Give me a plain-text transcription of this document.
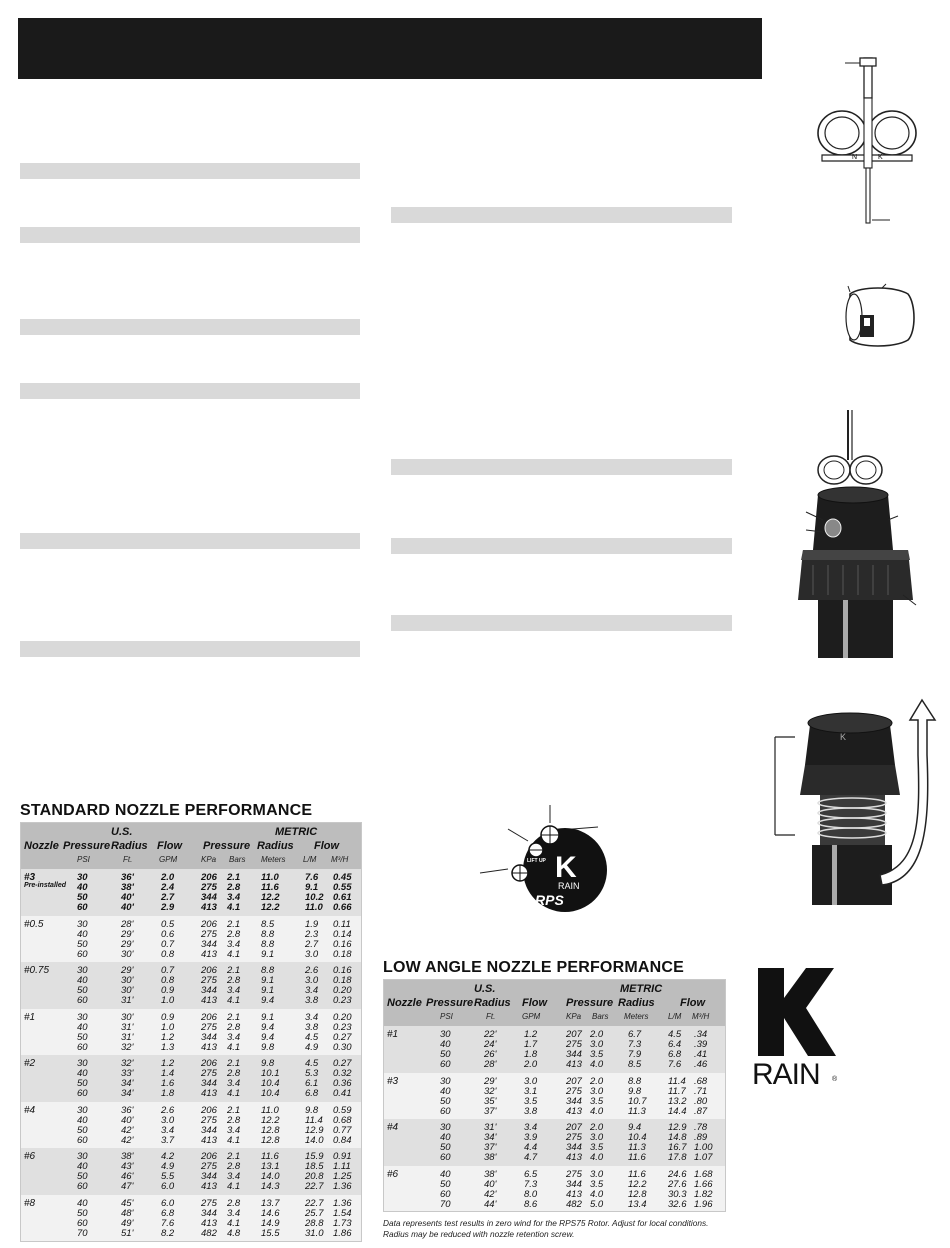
N	K
K
LIFT UP K
RAIN
RPS
RAIN ®
STANDARD NOZZLE PERFORMANCE
U.S.	METRIC
Nozzle Pressure Radius Flow Pressure Radius Flow
PSI	Ft.	GPM	KPa Bars Meters L/M M³/H
#3
Pre-installed
30	36'	2.0	206 2.1 11.0	7.6 0.45
40	38'	2.4	275 2.8 11.6	9.1 0.55
50	40'	2.7	344 3.4 12.2	10.2 0.61
60	40'	2.9	413 4.1 12.2	11.0 0.66
#0.5	30	28'	0.5	206 2.1 8.5	1.9 0.11
40	29'	0.6	275 2.8 8.8	2.3 0.14
50	29'	0.7	344 3.4 8.8	2.7 0.16
60	30'	0.8	413 4.1 9.1	3.0 0.18
#0.75	30	29'	0.7	206 2.1 8.8	2.6 0.16
40	30'	0.8	275 2.8 9.1	3.0 0.18
50	30'	0.9	344 3.4 9.1	3.4 0.20
60	31'	1.0	413 4.1 9.4	3.8 0.23
#1	30	30'	0.9	206 2.1 9.1	3.4 0.20
40	31'	1.0	275 2.8 9.4	3.8 0.23
50	31'	1.2	344 3.4 9.4	4.5 0.27
60	32'	1.3	413 4.1 9.8	4.9 0.30
#2	30	32'	1.2	206 2.1 9.8	4.5 0.27
40	33'	1.4	275 2.8 10.1	5.3 0.32
50	34'	1.6	344 3.4 10.4	6.1 0.36
60	34'	1.8	413 4.1 10.4	6.8 0.41
#4	30	36'	2.6	206 2.1 11.0	9.8 0.59
40	40'	3.0	275 2.8 12.2	11.4 0.68
50	42'	3.4	344 3.4 12.8	12.9 0.77
60	42'	3.7	413 4.1 12.8	14.0 0.84
#6	30	38'	4.2	206 2.1 11.6	15.9 0.91
40	43'	4.9	275 2.8 13.1	18.5 1.11
50	46'	5.5	344 3.4 14.0	20.8 1.25
60	47'	6.0	413 4.1 14.3	22.7 1.36
#8	40	45'	6.0	275 2.8 13.7	22.7 1.36
50	48'	6.8	344 3.4 14.6	25.7 1.54
60	49'	7.6	413 4.1 14.9	28.8 1.73
70	51'	8.2	482 4.8 15.5	31.0 1.86
LOW ANGLE NOZZLE PERFORMANCE
U.S.	METRIC
Nozzle Pressure Radius Flow Pressure Radius Flow
PSI	Ft.	GPM	KPa Bars Meters L/M M³/H
#1	30	22'	1.2	207 2.0	6.7	4.5 .34
40	24'	1.7	275 3.0	7.3	6.4 .39
50	26'	1.8	344 3.5	7.9	6.8 .41
60	28'	2.0	413 4.0	8.5	7.6 .46
#3	30	29'	3.0	207 2.0	8.8	11.4 .68
40	32'	3.1	275 3.0	9.8	11.7 .71
50	35'	3.5	344 3.5	10.7 13.2 .80
60	37'	3.8	413 4.0	11.3 14.4 .87
#4	30	31'	3.4	207 2.0	9.4	12.9 .78
40	34'	3.9	275 3.0	10.4 14.8 .89
50	37'	4.4	344 3.5	11.3 16.7 1.00
60	38'	4.7	413 4.0	11.6 17.8 1.07
#6	40	38'	6.5	275 3.0	11.6 24.6 1.68
50	40'	7.3	344 3.5	12.2 27.6 1.66
60	42'	8.0	413 4.0	12.8 30.3 1.82
70	44'	8.6	482 5.0	13.4 32.6 1.96
Data represents test results in zero wind for the RPS75 Rotor. Adjust for local conditions.
Radius may be reduced with nozzle retention screw.
